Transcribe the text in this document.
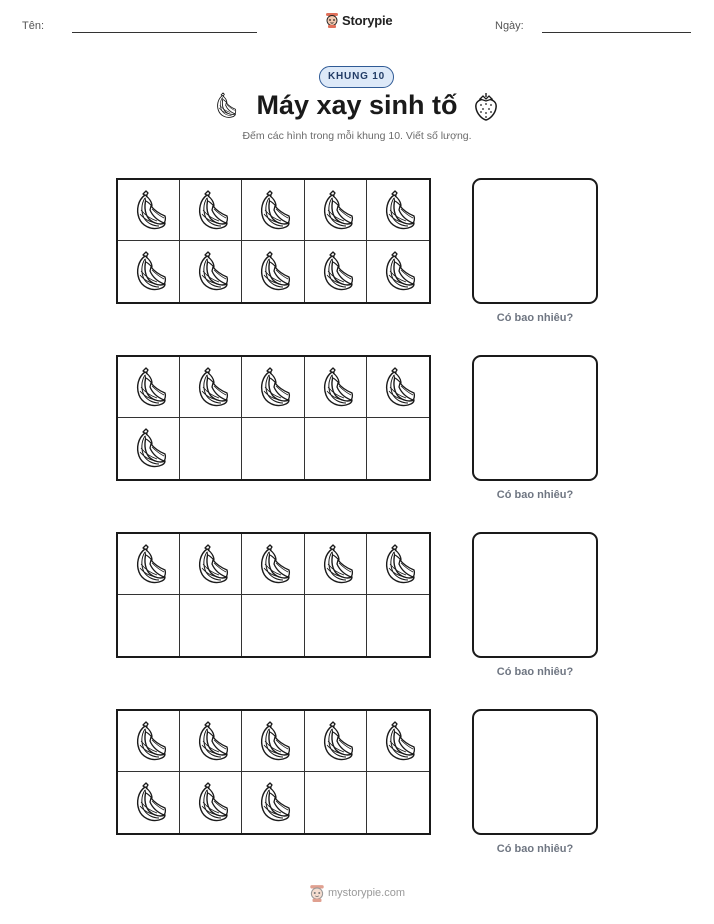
Tên:	Storypie	Ngày:
KHUNG 10
Máy xay sinh tố
Đếm các hình trong mỗi khung 10. Viết số lượng.
Có bao nhiêu?
Có bao nhiêu?
Có bao nhiêu?
Có bao nhiêu?
mystorypie.com
